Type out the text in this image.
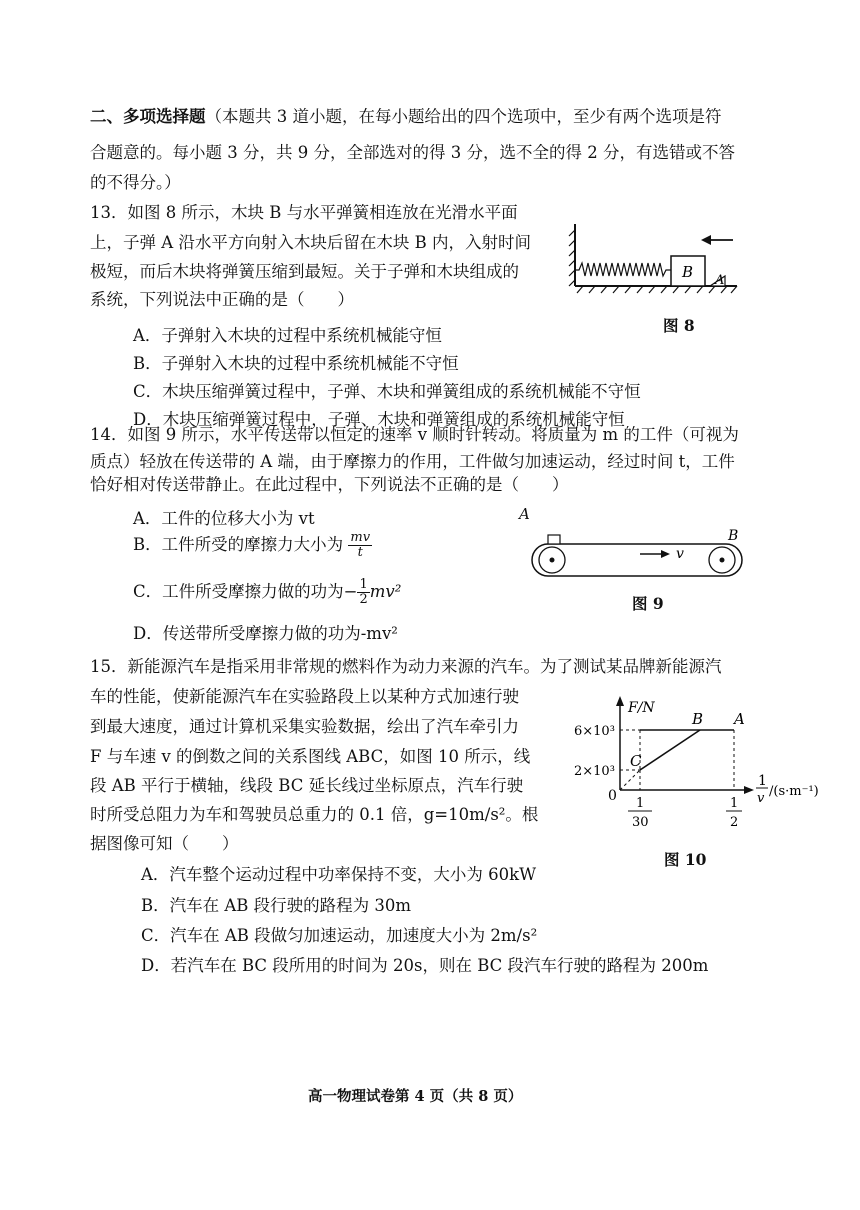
二、多项选择题（本题共 3 道小题，在每小题给出的四个选项中，至少有两个选项是符
合题意的。每小题 3 分，共 9 分，全部选对的得 3 分，选不全的得 2 分，有选错或不答
的不得分。）
13．如图 8 所示，木块 B 与水平弹簧相连放在光滑水平面
上，子弹 A 沿水平方向射入木块后留在木块 B 内，入射时间
极短，而后木块将弹簧压缩到最短。关于子弹和木块组成的
系统，下列说法中正确的是（　　）
A．子弹射入木块的过程中系统机械能守恒
B．子弹射入木块的过程中系统机械能不守恒
C．木块压缩弹簧过程中，子弹、木块和弹簧组成的系统机械能不守恒
D．木块压缩弹簧过程中，子弹、木块和弹簧组成的系统机械能守恒
B A
图 8
14．如图 9 所示，水平传送带以恒定的速率 v 顺时针转动。将质量为 m 的工件（可视为
质点）轻放在传送带的 A 端，由于摩擦力的作用，工件做匀加速运动，经过时间 t，工件
恰好相对传送带静止。在此过程中，下列说法不正确的是（　　）
A．工件的位移大小为 vt
B．工件所受的摩擦力大小为 $\frac{mv}{t}$
C．工件所受摩擦力做的功为− $\frac{1}{2} mv^2$
D．传送带所受摩擦力做的功为-mv²
A
v
B
图 9
15．新能源汽车是指采用非常规的燃料作为动力来源的汽车。为了测试某品牌新能源汽
车的性能，使新能源汽车在实验路段上以某种方式加速行驶
到最大速度，通过计算机采集实验数据，绘出了汽车牵引力
F 与车速 v 的倒数之间的关系图线 ABC，如图 10 所示，线
段 AB 平行于横轴，线段 BC 延长线过坐标原点，汽车行驶
时所受总阻力为车和驾驶员总重力的 0.1 倍，g=10m/s²。根
据图像可知（　　）
A．汽车整个运动过程中功率保持不变，大小为 60kW
B．汽车在 AB 段行驶的路程为 30m
C．汽车在 AB 段做匀加速运动，加速度大小为 2m/s²
D．若汽车在 BC 段所用的时间为 20s，则在 BC 段汽车行驶的路程为 200m
F/N
1
v /(s·m⁻¹)
6×10³
2×10³
0 1
30
1
2
B A
C
图 10
高一物理试卷第 4 页（共 8 页）
